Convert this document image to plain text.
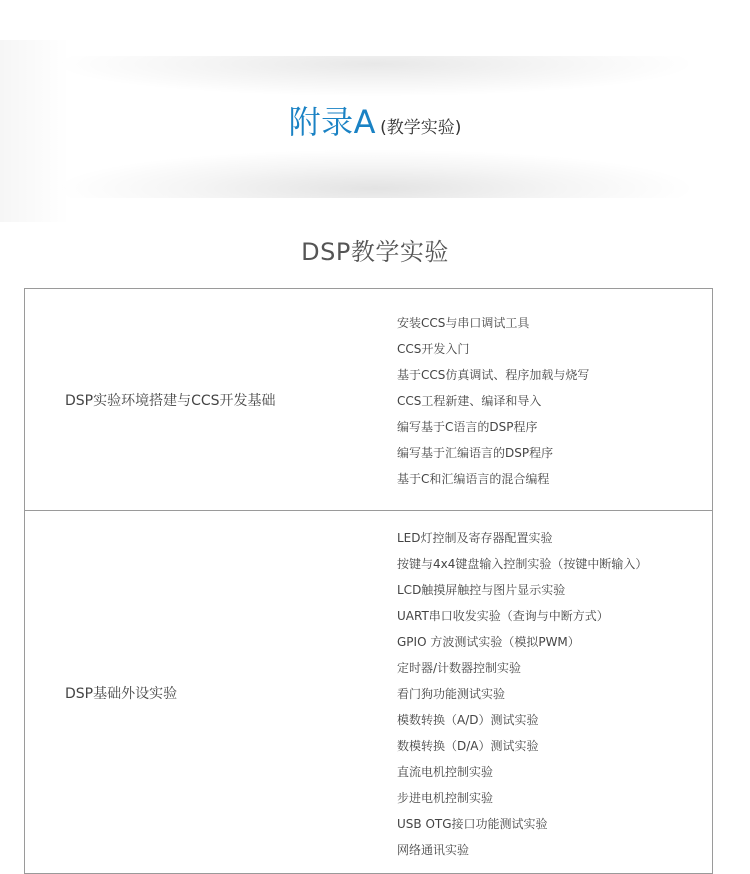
附录A (教学实验)
DSP教学实验
DSP实验环境搭建与CCS开发基础
安装CCS与串口调试工具
CCS开发入门
基于CCS仿真调试、程序加载与烧写
CCS工程新建、编译和导入
编写基于C语言的DSP程序
编写基于汇编语言的DSP程序
基于C和汇编语言的混合编程
DSP基础外设实验
LED灯控制及寄存器配置实验
按键与4x4键盘输入控制实验（按键中断输入）
LCD触摸屏触控与图片显示实验
UART串口收发实验（查询与中断方式）
GPIO 方波测试实验（模拟PWM）
定时器/计数器控制实验
看门狗功能测试实验
模数转换（A/D）测试实验
数模转换（D/A）测试实验
直流电机控制实验
步进电机控制实验
USB OTG接口功能测试实验
网络通讯实验
